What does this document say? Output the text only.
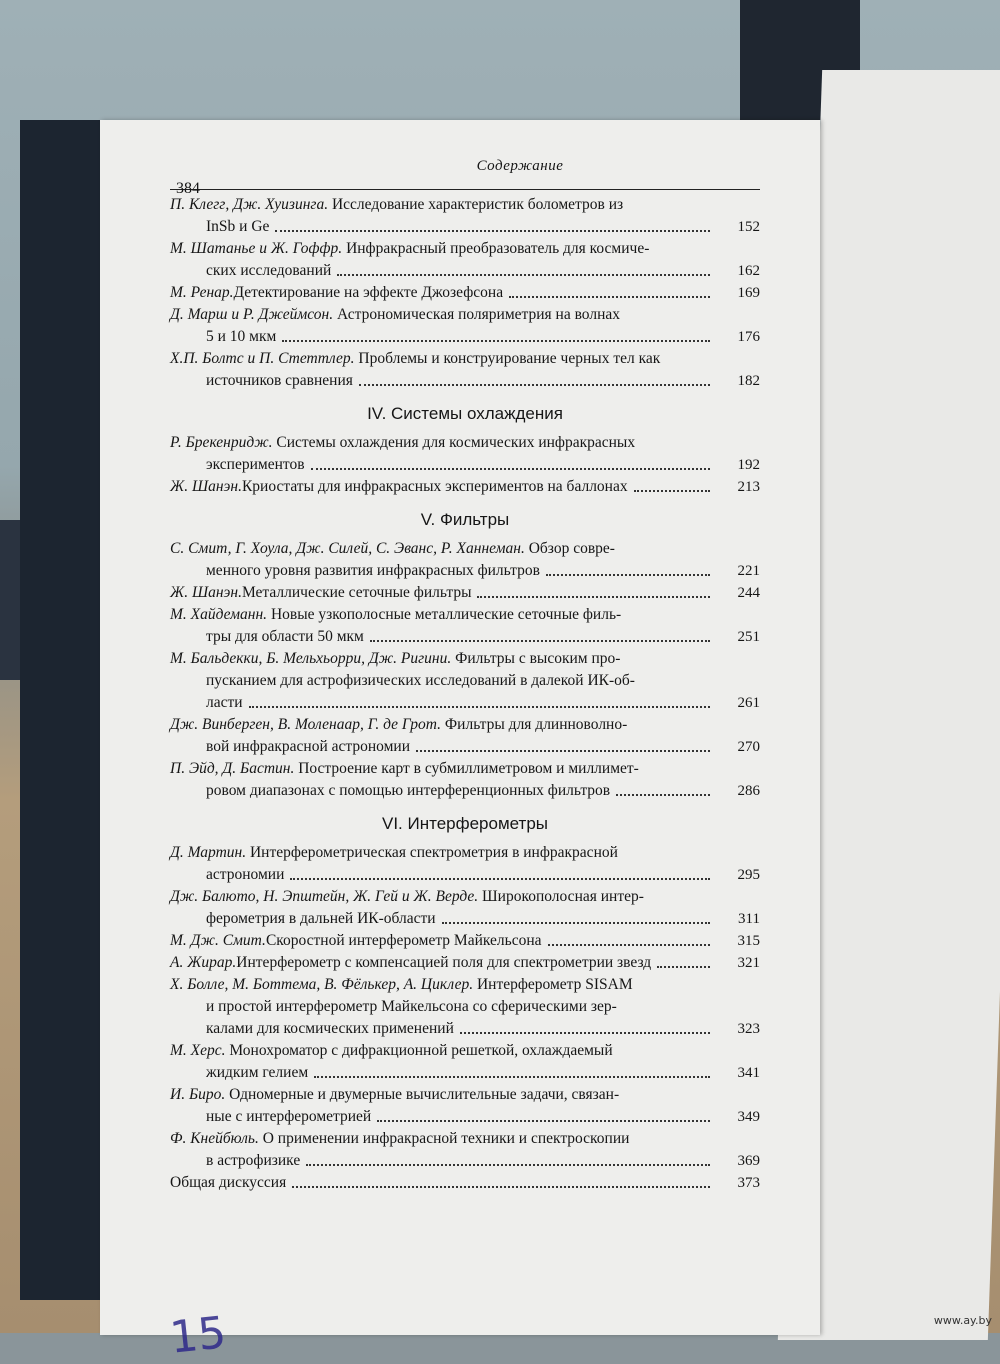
384
Содержание
П. Клегг, Дж. Хуизинга. Исследование характеристик болометров из
InSb и Ge	152
М. Шатанье и Ж. Гоффр. Инфракрасный преобразователь для космиче-
ских исследований	162
М. Ренар. Детектирование на эффекте Джозефсона	169
Д. Марш и Р. Джеймсон. Астрономическая поляриметрия на волнах
5 и 10 мкм	176
Х.П. Болтс и П. Стеттлер. Проблемы и конструирование черных тел как
источников сравнения	182
IV. Системы охлаждения
Р. Брекенридж. Системы охлаждения для космических инфракрасных
экспериментов	192
Ж. Шанэн. Криостаты для инфракрасных экспериментов на баллонах	213
V. Фильтры
С. Смит, Г. Хоула, Дж. Силей, С. Эванс, Р. Ханнеман. Обзор совре-
менного уровня развития инфракрасных фильтров	221
Ж. Шанэн. Металлические сеточные фильтры	244
М. Хайдеманн. Новые узкополосные металлические сеточные филь-
тры для области 50 мкм	251
М. Бальдекки, Б. Мельхьорри, Дж. Ригини. Фильтры с высоким про-
пусканием для астрофизических исследований в далекой ИК-об-
ласти	261
Дж. Винберген, В. Моленаар, Г. де Грот. Фильтры для длинноволно-
вой инфракрасной астрономии	270
П. Эйд, Д. Бастин. Построение карт в субмиллиметровом и миллимет-
ровом диапазонах с помощью интерференционных фильтров	286
VI. Интерферометры
Д. Мартин. Интерферометрическая спектрометрия в инфракрасной
астрономии	295
Дж. Балюто, Н. Эпштейн, Ж. Гей и Ж. Верде. Широкополосная интер-
ферометрия в дальней ИК-области	311
М. Дж. Смит. Скоростной интерферометр Майкельсона	315
А. Жирар. Интерферометр с компенсацией поля для спектрометрии звезд	321
Х. Болле, М. Боттема, В. Фёлькер, А. Циклер. Интерферометр SISAM
и простой интерферометр Майкельсона со сферическими зер-
калами для космических применений	323
М. Херс. Монохроматор с дифракционной решеткой, охлаждаемый
жидким гелием	341
И. Биро. Одномерные и двумерные вычислительные задачи, связан-
ные с интерферометрией	349
Ф. Кнейбюль. О применении инфракрасной техники и спектроскопии
в астрофизике	369
Общая дискуссия	373
15	www.ay.by
